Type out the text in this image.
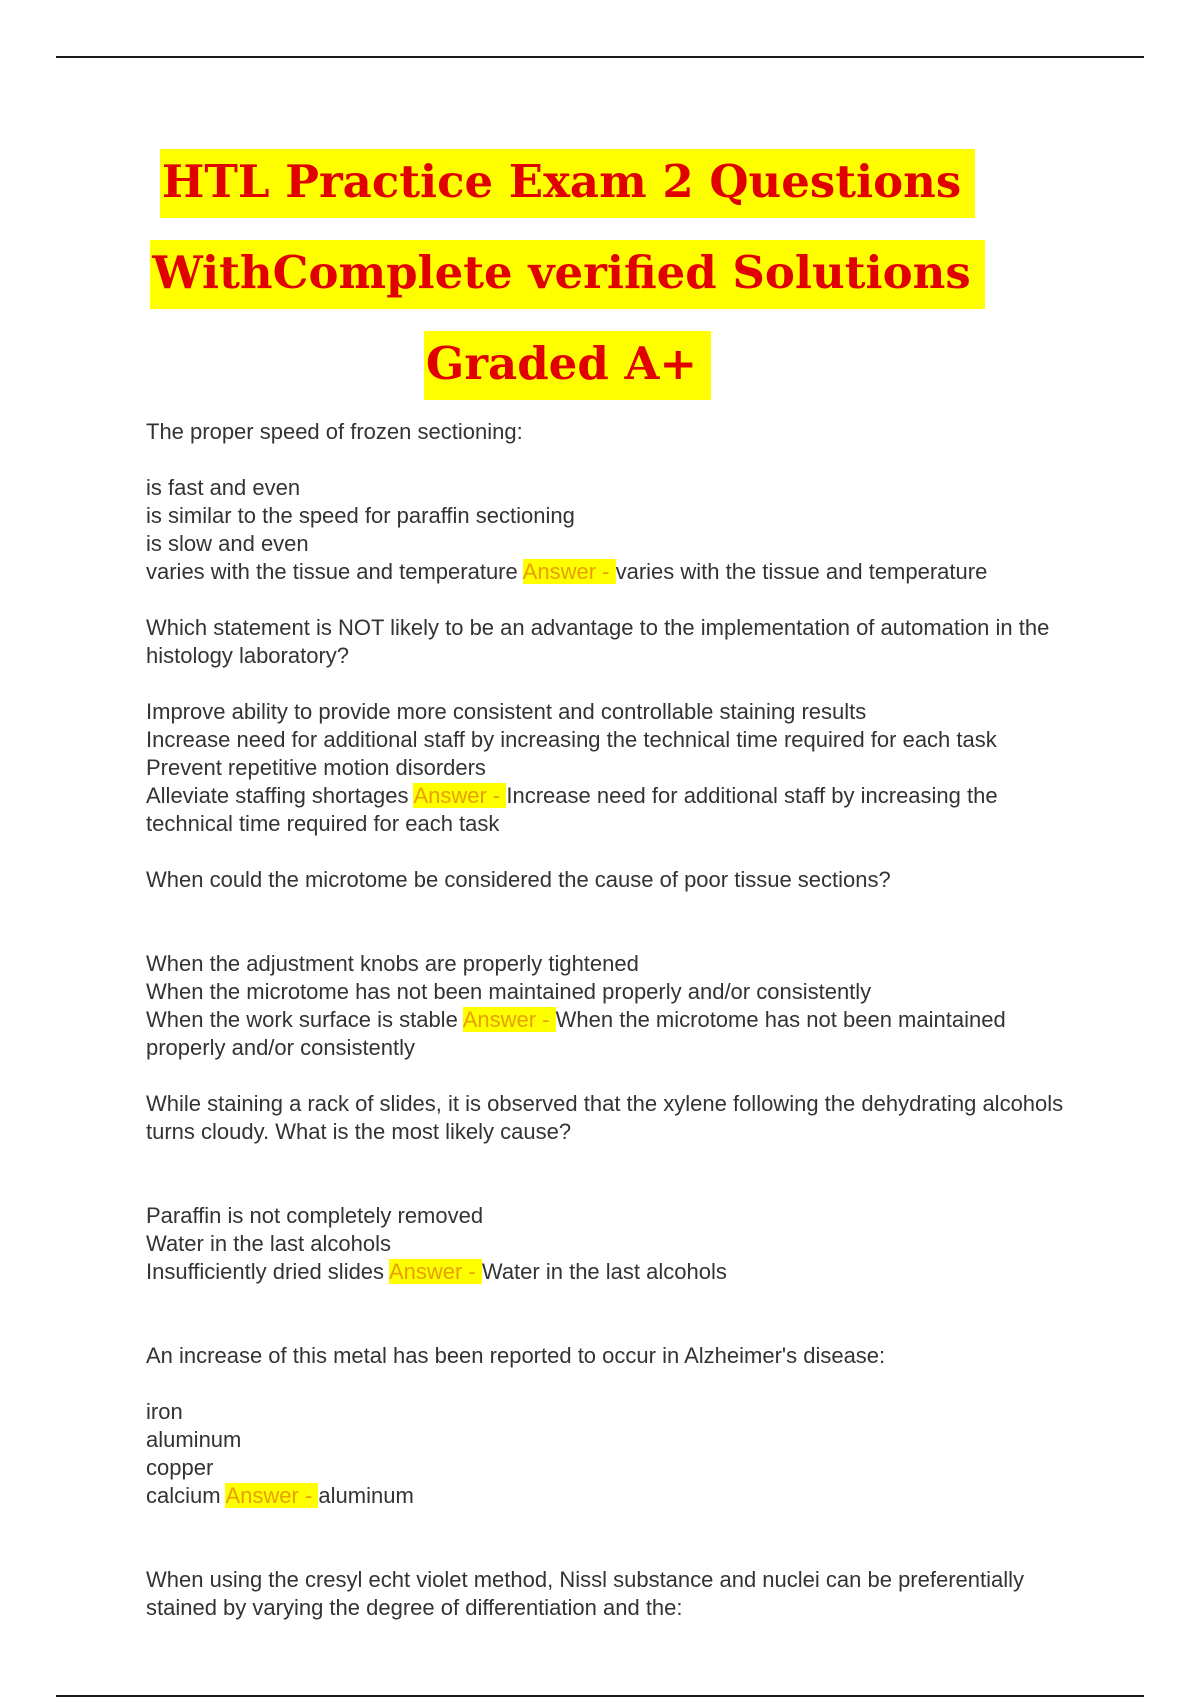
HTL Practice Exam 2 Questions
WithComplete verified Solutions
Graded A+
The proper speed of frozen sectioning:
is fast and even
is similar to the speed for paraffin sectioning
is slow and even
varies with the tissue and temperature Answer - varies with the tissue and temperature
Which statement is NOT likely to be an advantage to the implementation of automation in the histology laboratory?
Improve ability to provide more consistent and controllable staining results
Increase need for additional staff by increasing the technical time required for each task
Prevent repetitive motion disorders
Alleviate staffing shortages Answer - Increase need for additional staff by increasing the technical time required for each task
When could the microtome be considered the cause of poor tissue sections?
When the adjustment knobs are properly tightened
When the microtome has not been maintained properly and/or consistently
When the work surface is stable Answer - When the microtome has not been maintained properly and/or consistently
While staining a rack of slides, it is observed that the xylene following the dehydrating alcohols turns cloudy. What is the most likely cause?
Paraffin is not completely removed
Water in the last alcohols
Insufficiently dried slides Answer - Water in the last alcohols
An increase of this metal has been reported to occur in Alzheimer's disease:
iron
aluminum
copper
calcium Answer - aluminum
When using the cresyl echt violet method, Nissl substance and nuclei can be preferentially stained by varying the degree of differentiation and the:
